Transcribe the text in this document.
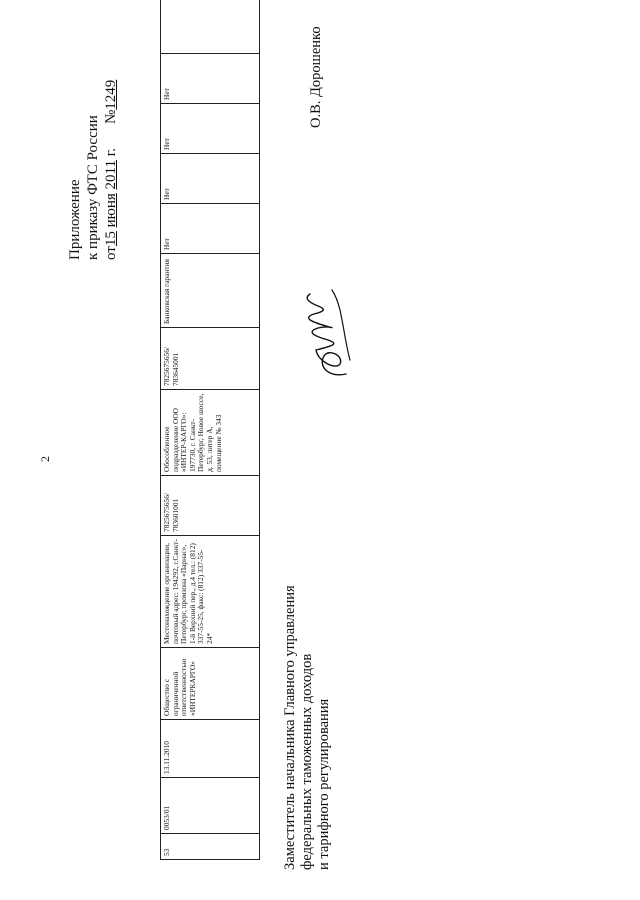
2
Приложение к приказу ФТС России от15 июня 2011 г.№1249
53	0053/01	13.11.2010	Общество с ограниченной ответственностью «ИНТЕРКАРГО»	Местонахождение организации, почтовый адрес: 194292, г.Санкт-Петербург, промзона «Парнас», 1-й Верхний пер., д.4 тел.: (812) 337-55-25, факс: (812) 337-55-24*	7825675656/ 783601001	Обособленное подразделение ООО «ИНТЕР-КАРГО»: 197730, г. Санкт-Петербург, Новое шоссе, д. 53, литер А, помещение № 343	7825675656/ 783645001	Банковская гарантия	Нет	Нет	Нет	Нет	
Заместитель начальника Главного управления федеральных таможенных доходов и тарифного регулирования
О.В. Дорошенко
